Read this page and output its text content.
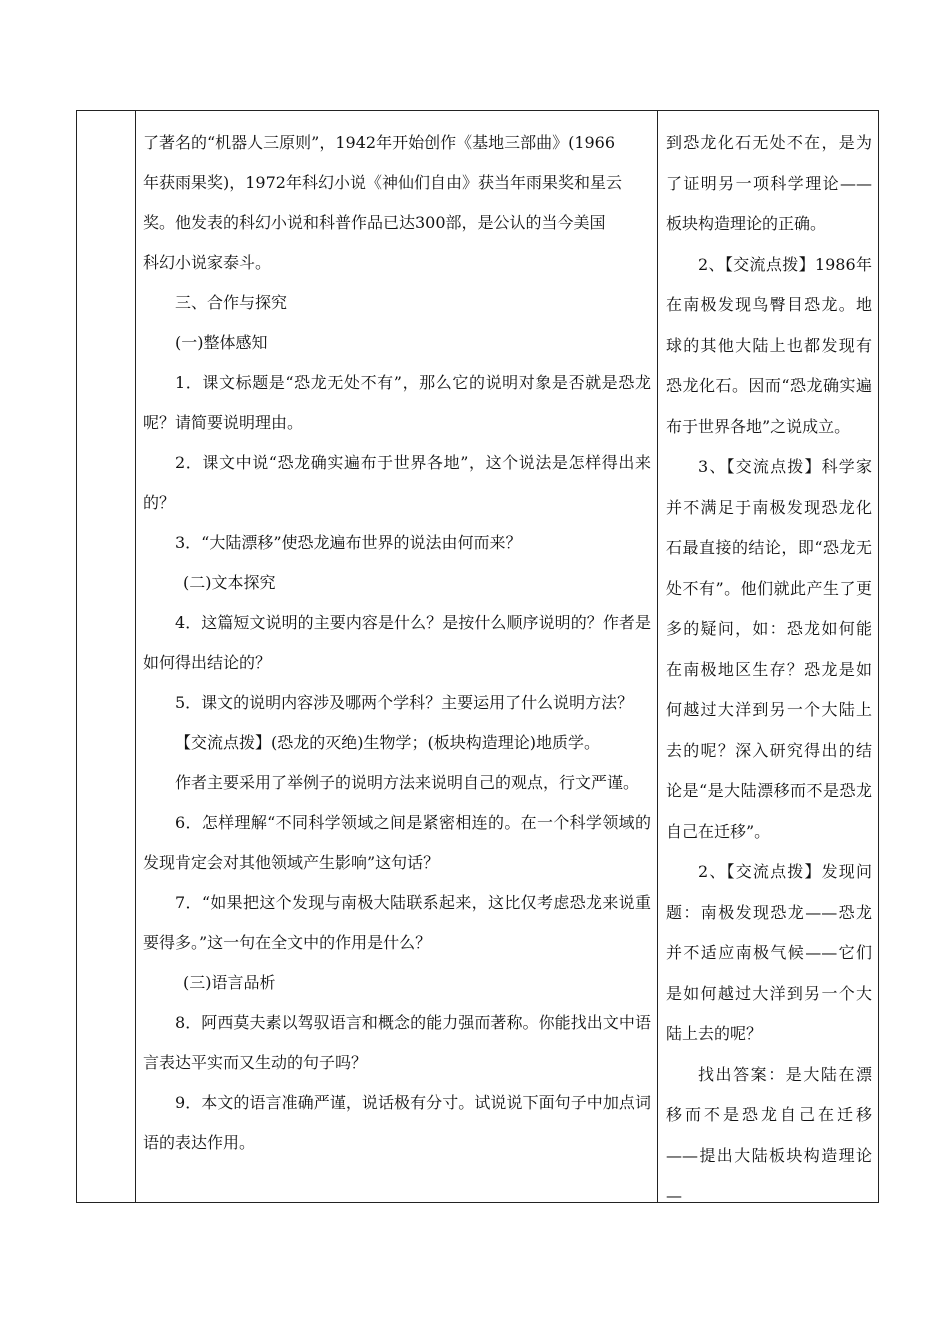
了著名的“机器人三原则”，1942年开始创作《基地三部曲》(1966
年获雨果奖)，1972年科幻小说《神仙们自由》获当年雨果奖和星云
奖。他发表的科幻小说和科普作品已达300部，是公认的当今美国
科幻小说家泰斗。

三、合作与探究

(一)整体感知

1．课文标题是“恐龙无处不有”，那么它的说明对象是否就是恐龙呢？请简要说明理由。

2．课文中说“恐龙确实遍布于世界各地”，这个说法是怎样得出来的？

3．“大陆漂移”使恐龙遍布世界的说法由何而来？

(二)文本探究

4．这篇短文说明的主要内容是什么？是按什么顺序说明的？作者是如何得出结论的？

5．课文的说明内容涉及哪两个学科？主要运用了什么说明方法？

【交流点拨】(恐龙的灭绝)生物学；(板块构造理论)地质学。

作者主要采用了举例子的说明方法来说明自己的观点，行文严谨。

6．怎样理解“不同科学领域之间是紧密相连的。在一个科学领域的发现肯定会对其他领域产生影响”这句话？

7．“如果把这个发现与南极大陆联系起来，这比仅考虑恐龙来说重要得多。”这一句在全文中的作用是什么？

(三)语言品析

8．阿西莫夫素以驾驭语言和概念的能力强而著称。你能找出文中语言表达平实而又生动的句子吗？

9．本文的语言准确严谨，说话极有分寸。试说说下面句子中加点词语的表达作用。

到恐龙化石无处不在，是为了证明另一项科学理论——板块构造理论的正确。

2、【交流点拨】1986年在南极发现鸟臀目恐龙。地球的其他大陆上也都发现有恐龙化石。因而“恐龙确实遍布于世界各地”之说成立。

3、【交流点拨】科学家并不满足于南极发现恐龙化石最直接的结论，即“恐龙无处不有”。他们就此产生了更多的疑问，如：恐龙如何能在南极地区生存？恐龙是如何越过大洋到另一个大陆上去的呢？深入研究得出的结论是“是大陆漂移而不是恐龙自己在迁移”。

2、【交流点拨】发现问题：南极发现恐龙——恐龙并不适应南极气候——它们是如何越过大洋到另一个大陆上去的呢？

找出答案：是大陆在漂移而不是恐龙自己在迁移——提出大陆板块构造理论—
